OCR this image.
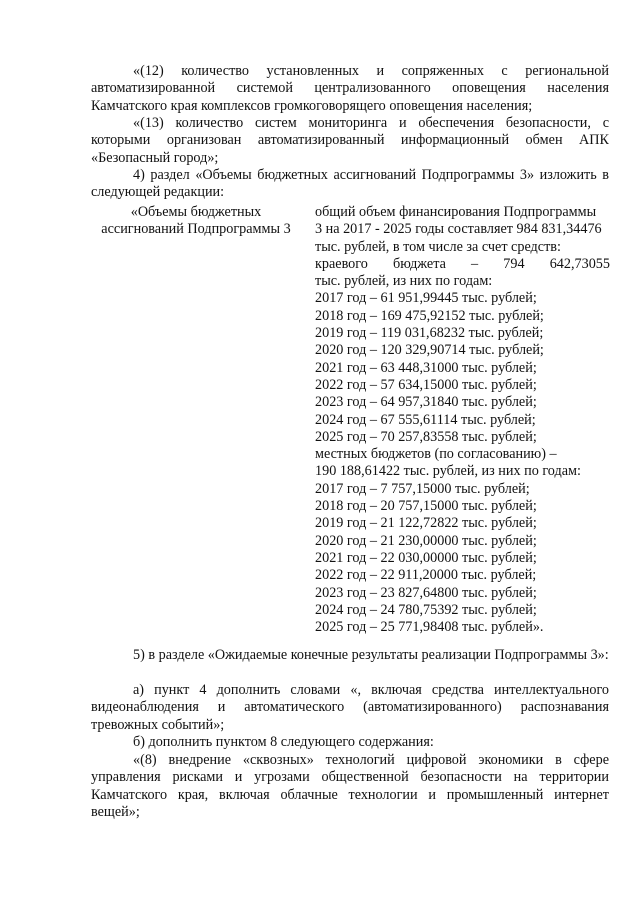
«(12) количество установленных и сопряженных с региональной автоматизированной системой централизованного оповещения населения Камчатского края комплексов громкоговорящего оповещения населения;

«(13) количество систем мониторинга и обеспечения безопасности, с которыми организован автоматизированный информационный обмен АПК «Безопасный город»;

4) раздел «Объемы бюджетных ассигнований Подпрограммы 3» изложить в следующей редакции:

«Объемы бюджетных ассигнований Подпрограммы 3

общий объем финансирования Подпрограммы
3 на 2017 - 2025 годы составляет 984 831,34476
тыс. рублей, в том числе за счет средств:
краевого бюджета – 794 642,73055
тыс. рублей, из них по годам:
2017 год – 61 951,99445 тыс. рублей;
2018 год – 169 475,92152 тыс. рублей;
2019 год – 119 031,68232 тыс. рублей;
2020 год – 120 329,90714 тыс. рублей;
2021 год – 63 448,31000 тыс. рублей;
2022 год – 57 634,15000 тыс. рублей;
2023 год – 64 957,31840 тыс. рублей;
2024 год – 67 555,61114 тыс. рублей;
2025 год – 70 257,83558 тыс. рублей;
местных бюджетов (по согласованию) –
190 188,61422 тыс. рублей, из них по годам:
2017 год – 7 757,15000 тыс. рублей;
2018 год – 20 757,15000 тыс. рублей;
2019 год – 21 122,72822 тыс. рублей;
2020 год – 21 230,00000 тыс. рублей;
2021 год – 22 030,00000 тыс. рублей;
2022 год – 22 911,20000 тыс. рублей;
2023 год – 23 827,64800 тыс. рублей;
2024 год – 24 780,75392 тыс. рублей;
2025 год – 25 771,98408 тыс. рублей».

5) в разделе «Ожидаемые конечные результаты реализации Подпрограммы 3»:

а) пункт 4 дополнить словами «, включая средства интеллектуального видеонаблюдения и автоматического (автоматизированного) распознавания тревожных событий»;

б) дополнить пунктом 8 следующего содержания:

«(8) внедрение «сквозных» технологий цифровой экономики в сфере управления рисками и угрозами общественной безопасности на территории Камчатского края, включая облачные технологии и промышленный интернет вещей»;
